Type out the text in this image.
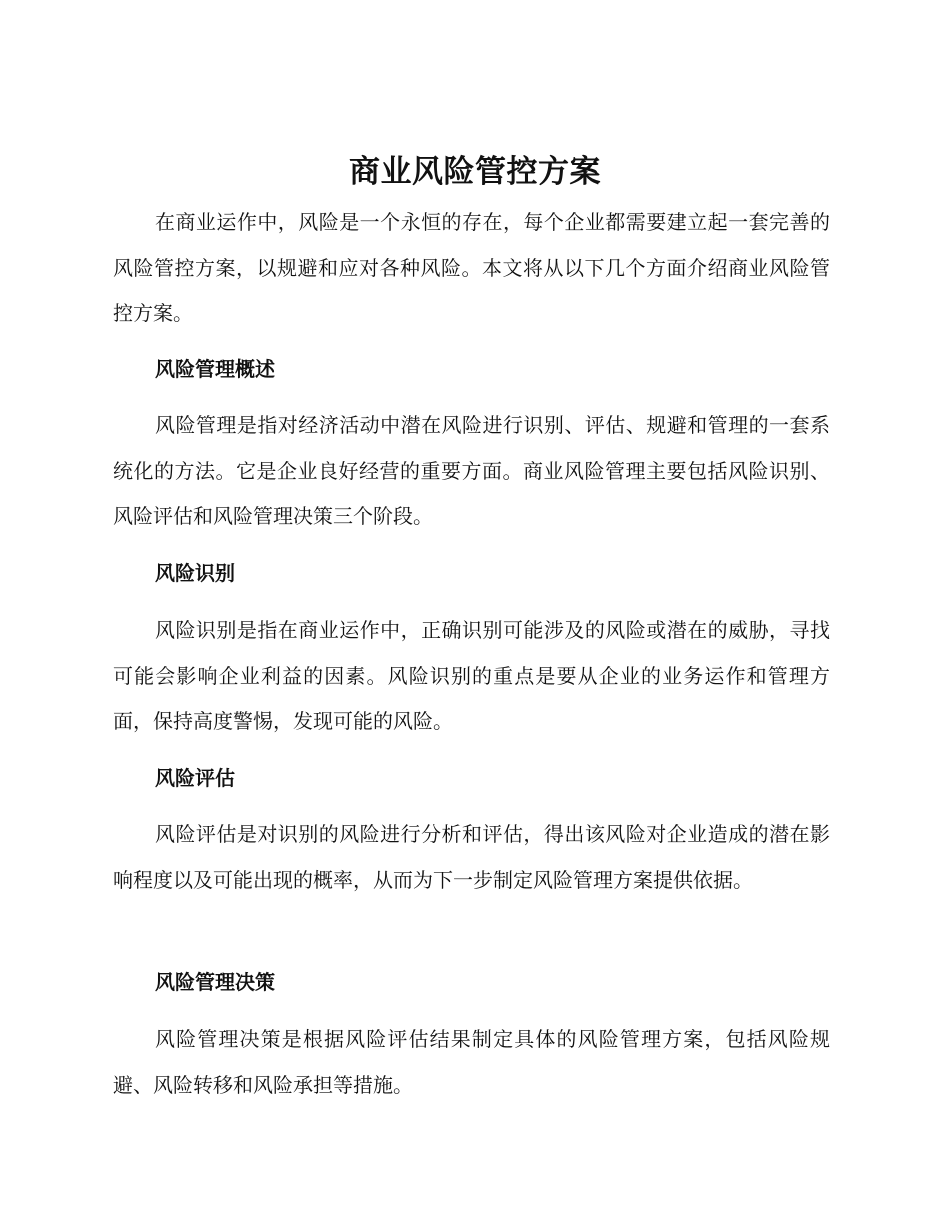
商业风险管控方案

在商业运作中，风险是一个永恒的存在，每个企业都需要建立起一套完善的风险管控方案，以规避和应对各种风险。本文将从以下几个方面介绍商业风险管控方案。

风险管理概述

风险管理是指对经济活动中潜在风险进行识别、评估、规避和管理的一套系统化的方法。它是企业良好经营的重要方面。商业风险管理主要包括风险识别、风险评估和风险管理决策三个阶段。

风险识别

风险识别是指在商业运作中，正确识别可能涉及的风险或潜在的威胁，寻找可能会影响企业利益的因素。风险识别的重点是要从企业的业务运作和管理方面，保持高度警惕，发现可能的风险。

风险评估

风险评估是对识别的风险进行分析和评估，得出该风险对企业造成的潜在影响程度以及可能出现的概率，从而为下一步制定风险管理方案提供依据。

风险管理决策

风险管理决策是根据风险评估结果制定具体的风险管理方案，包括风险规避、风险转移和风险承担等措施。
